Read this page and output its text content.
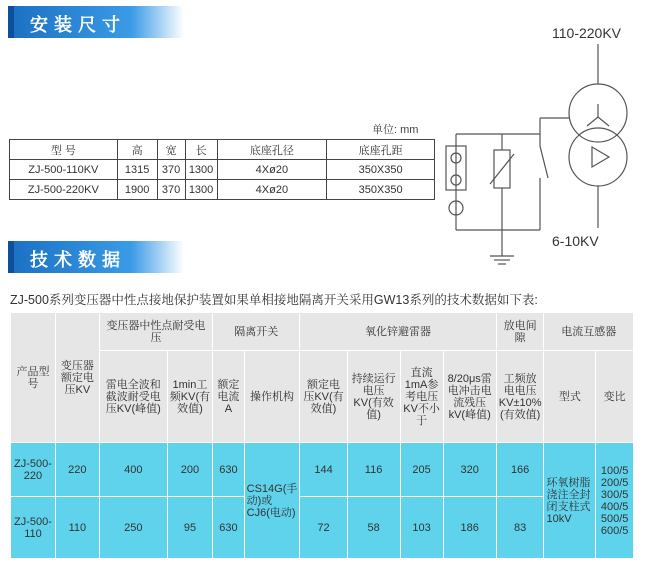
安装尺寸
单位: mm
型 号	高	宽	长	底座孔径	底座孔距
ZJ-500-110KV	1315	370	1300	4Xø20	350X350
ZJ-500-220KV	1900	370	1300	4Xø20	350X350
110-220KV
6-10KV
技术数据
ZJ-500系列变压器中性点接地保护装置如果单相接地隔离开关采用GW13系列的技术数据如下表:
产品型号	变压器额定电压KV	变压器中性点耐受电压		隔离开关		氧化锌避雷器				放电间隙	电流互感器	
		雷电全波和截波耐受电压KV(峰值)	1min工频KV(有效值)	额定电流A	操作机构	额定电压KV(有效值)	持续运行电压KV(有效值)	直流1mA参考电压KV不小于	8/20μs雷电冲击电流残压 kV(峰值)	工频放电电压KV±10%(有效值)	型式	变比
ZJ-500-220	220	400	200	630	CS14G(手动)或CJ6(电动)	144	116	205	320	166	环氧树脂浇注全封闭支柱式10kV	100/5 200/5 300/5 400/5 500/5 600/5
ZJ-500-110	110	250	95	630		72	58	103	186	83		
